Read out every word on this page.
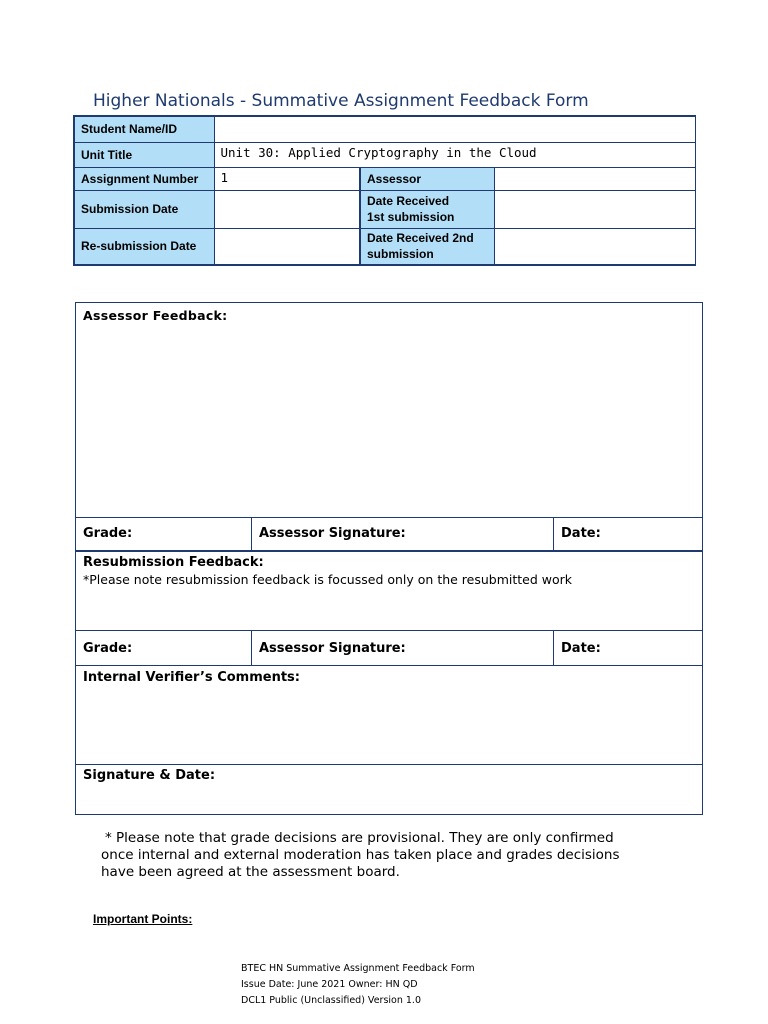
Higher Nationals - Summative Assignment Feedback Form
Student Name/ID			
Unit Title	Unit 30: Applied Cryptography in the Cloud		
Assignment Number	1	Assessor	
Submission Date		Date Received
1st submission	

Re-submission Date		Date Received 2nd
submission	

Assessor Feedback:		

Grade:	Assessor Signature:	Date:

Resubmission Feedback:
*Please note resubmission feedback is focussed only on the resubmitted work		

Grade:	Assessor Signature:	Date:

Internal Verifier’s Comments:		

Signature & Date:		
* Please note that grade decisions are provisional. They are only confirmed
once internal and external moderation has taken place and grades decisions
have been agreed at the assessment board.
Important Points:
BTEC HN Summative Assignment Feedback Form
Issue Date: June 2021 Owner: HN QD
DCL1 Public (Unclassified) Version 1.0
